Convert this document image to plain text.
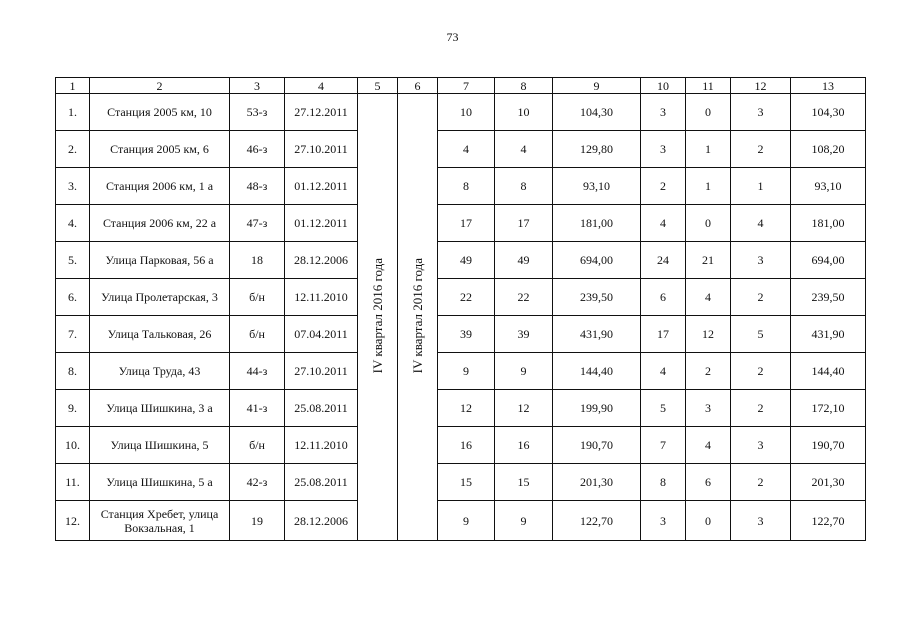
73
1	2	3	4	5	6	7	8	9	10	11	12	13
1.	Станция 2005 км, 10	53-з	27.12.2011	IV квартал 2016 года	IV квартал 2016 года	10	10	104,30	3	0	3	104,30
2.	Станция 2005 км, 6	46-з	27.10.2011			4	4	129,80	3	1	2	108,20
3.	Станция 2006 км, 1 а	48-з	01.12.2011			8	8	93,10	2	1	1	93,10
4.	Станция 2006 км, 22 а	47-з	01.12.2011			17	17	181,00	4	0	4	181,00
5.	Улица Парковая, 56 а	18	28.12.2006			49	49	694,00	24	21	3	694,00
6.	Улица Пролетарская, 3	б/н	12.11.2010			22	22	239,50	6	4	2	239,50
7.	Улица Тальковая, 26	б/н	07.04.2011			39	39	431,90	17	12	5	431,90
8.	Улица Труда, 43	44-з	27.10.2011			9	9	144,40	4	2	2	144,40
9.	Улица Шишкина, 3 а	41-з	25.08.2011			12	12	199,90	5	3	2	172,10
10.	Улица Шишкина, 5	б/н	12.11.2010			16	16	190,70	7	4	3	190,70
11.	Улица Шишкина, 5 а	42-з	25.08.2011			15	15	201,30	8	6	2	201,30
12.	Станция Хребет, улица Вокзальная, 1	19	28.12.2006			9	9	122,70	3	0	3	122,70
